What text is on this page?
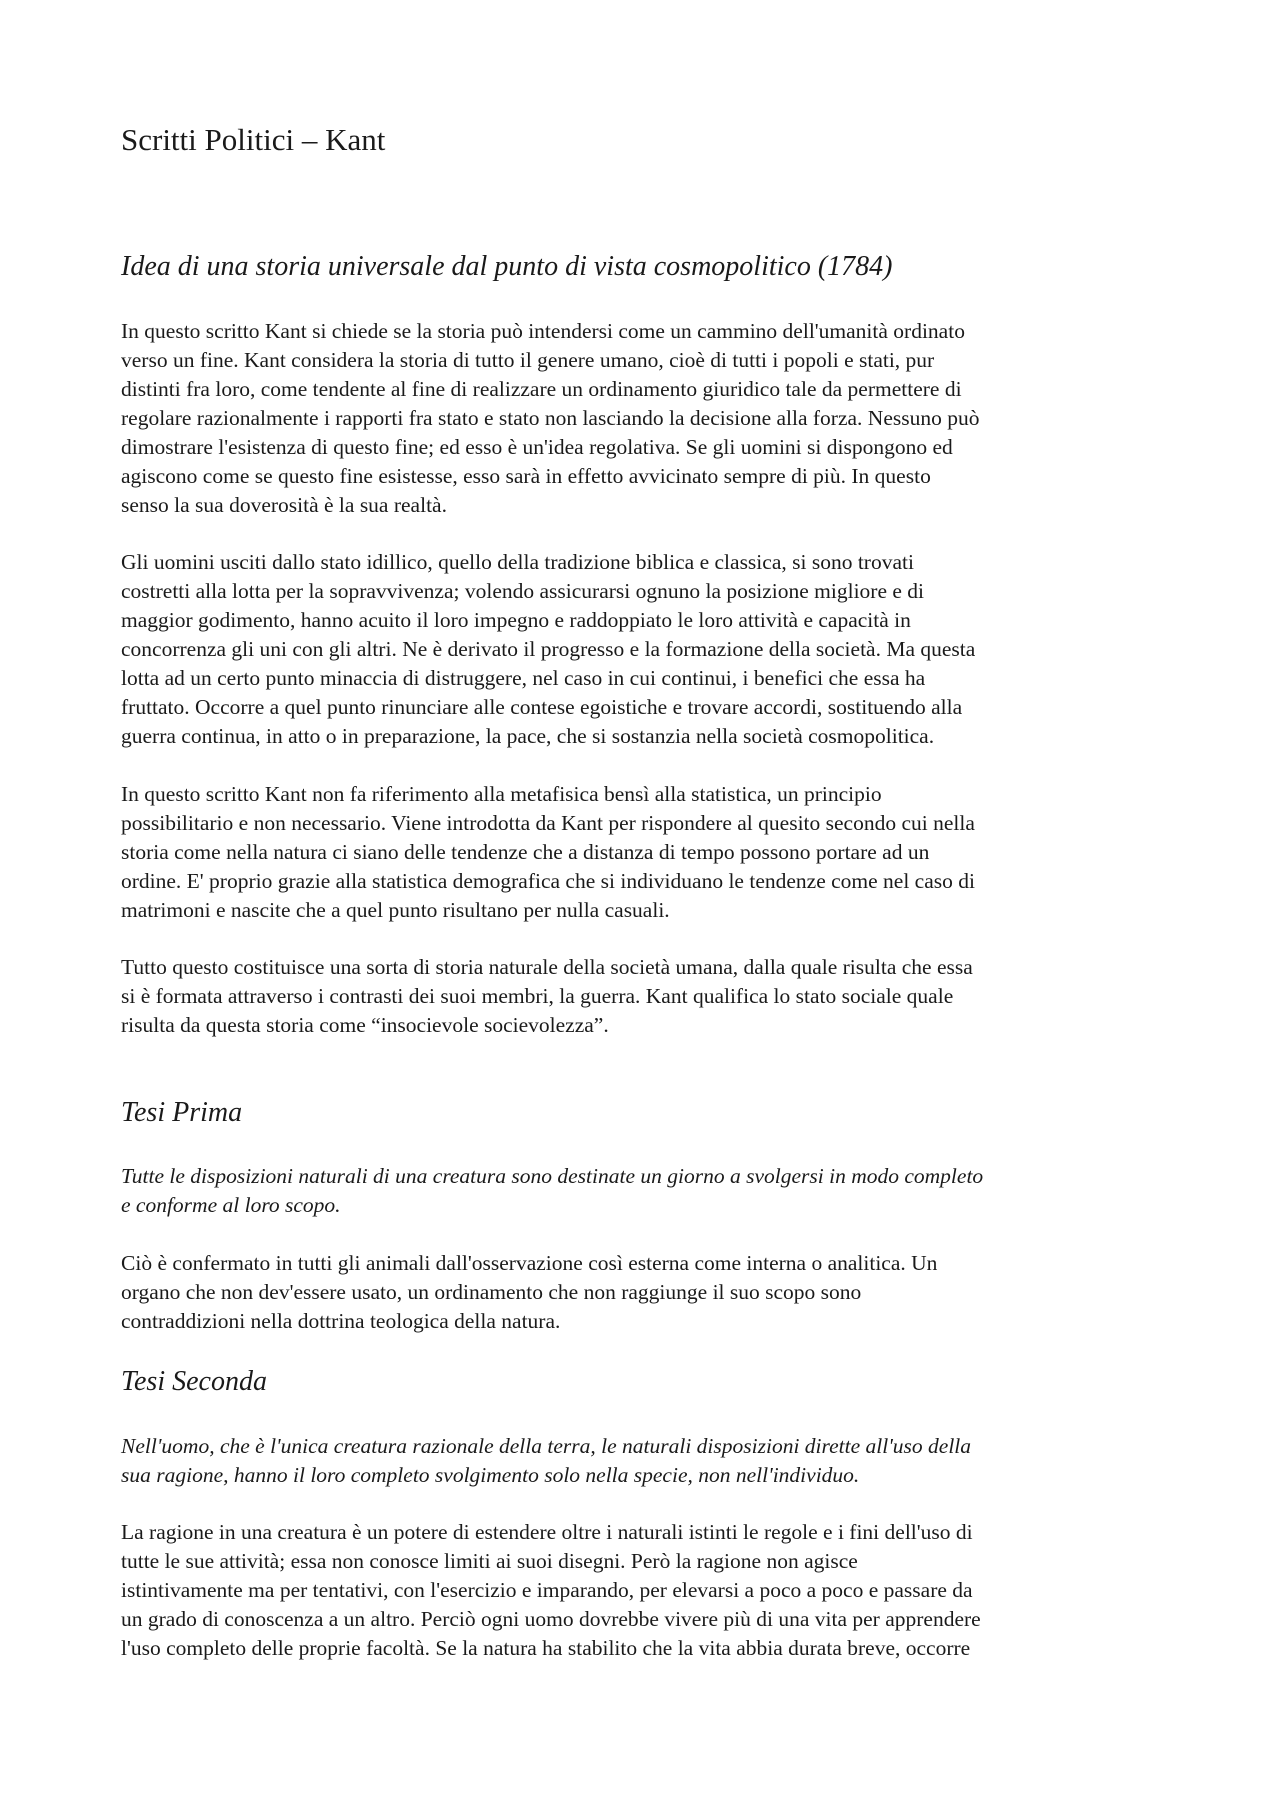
Scritti Politici – Kant
Idea di una storia universale dal punto di vista cosmopolitico (1784)
In questo scritto Kant si chiede se la storia può intendersi come un cammino dell'umanità ordinato
verso un fine. Kant considera la storia di tutto il genere umano, cioè di tutti i popoli e stati, pur
distinti fra loro, come tendente al fine di realizzare un ordinamento giuridico tale da permettere di
regolare razionalmente i rapporti fra stato e stato non lasciando la decisione alla forza. Nessuno può
dimostrare l'esistenza di questo fine; ed esso è un'idea regolativa. Se gli uomini si dispongono ed
agiscono come se questo fine esistesse, esso sarà in effetto avvicinato sempre di più. In questo
senso la sua doverosità è la sua realtà.
Gli uomini usciti dallo stato idillico, quello della tradizione biblica e classica, si sono trovati
costretti alla lotta per la sopravvivenza; volendo assicurarsi ognuno la posizione migliore e di
maggior godimento, hanno acuito il loro impegno e raddoppiato le loro attività e capacità in
concorrenza gli uni con gli altri. Ne è derivato il progresso e la formazione della società. Ma questa
lotta ad un certo punto minaccia di distruggere, nel caso in cui continui, i benefici che essa ha
fruttato. Occorre a quel punto rinunciare alle contese egoistiche e trovare accordi, sostituendo alla
guerra continua, in atto o in preparazione, la pace, che si sostanzia nella società cosmopolitica.
In questo scritto Kant non fa riferimento alla metafisica bensì alla statistica, un principio
possibilitario e non necessario. Viene introdotta da Kant per rispondere al quesito secondo cui nella
storia come nella natura ci siano delle tendenze che a distanza di tempo possono portare ad un
ordine. E' proprio grazie alla statistica demografica che si individuano le tendenze come nel caso di
matrimoni e nascite che a quel punto risultano per nulla casuali.
Tutto questo costituisce una sorta di storia naturale della società umana, dalla quale risulta che essa
si è formata attraverso i contrasti dei suoi membri, la guerra. Kant qualifica lo stato sociale quale
risulta da questa storia come “insocievole socievolezza”.
Tesi Prima
Tutte le disposizioni naturali di una creatura sono destinate un giorno a svolgersi in modo completo
e conforme al loro scopo.
Ciò è confermato in tutti gli animali dall'osservazione così esterna come interna o analitica. Un
organo che non dev'essere usato, un ordinamento che non raggiunge il suo scopo sono
contraddizioni nella dottrina teologica della natura.
Tesi Seconda
Nell'uomo, che è l'unica creatura razionale della terra, le naturali disposizioni dirette all'uso della
sua ragione, hanno il loro completo svolgimento solo nella specie, non nell'individuo.
La ragione in una creatura è un potere di estendere oltre i naturali istinti le regole e i fini dell'uso di
tutte le sue attività; essa non conosce limiti ai suoi disegni. Però la ragione non agisce
istintivamente ma per tentativi, con l'esercizio e imparando, per elevarsi a poco a poco e passare da
un grado di conoscenza a un altro. Perciò ogni uomo dovrebbe vivere più di una vita per apprendere
l'uso completo delle proprie facoltà. Se la natura ha stabilito che la vita abbia durata breve, occorre
